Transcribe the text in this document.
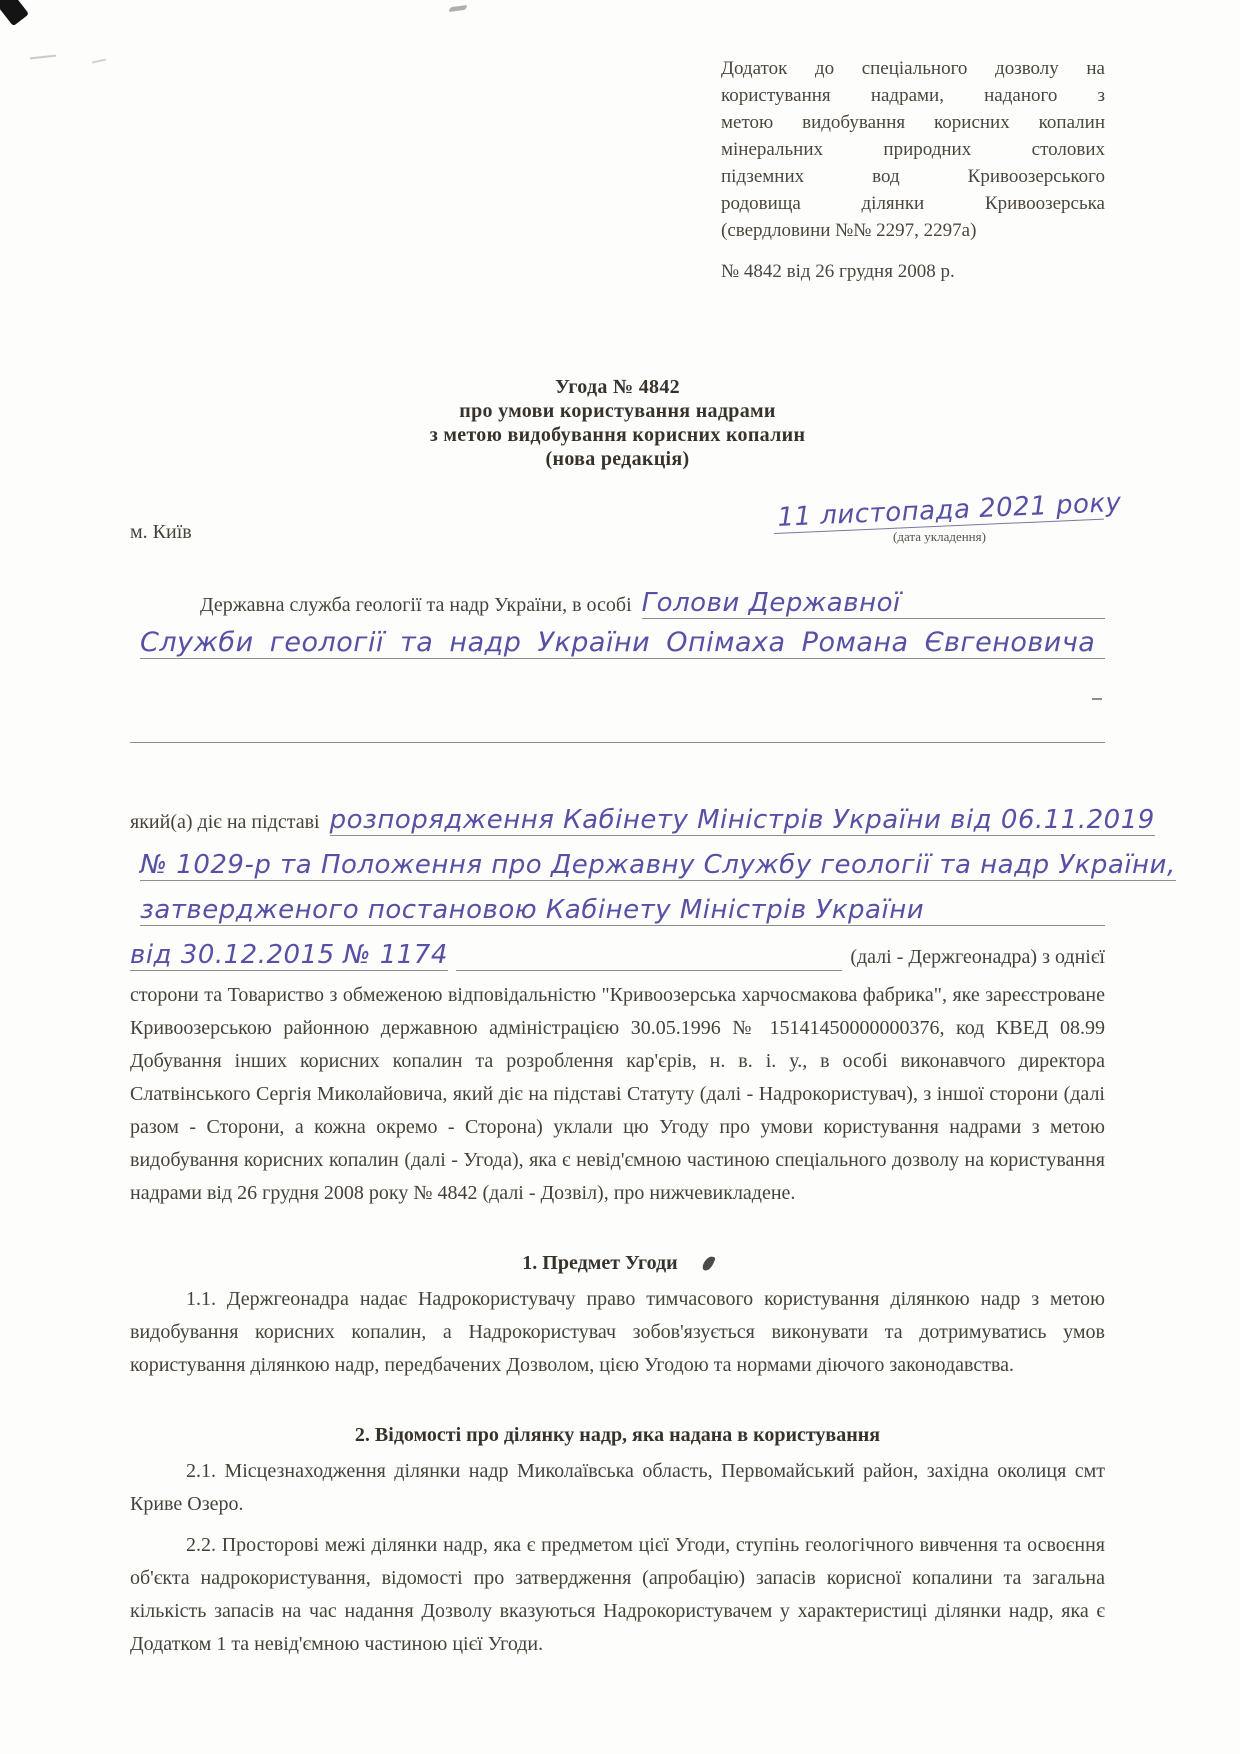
Додаток до спеціального дозволу на
користування надрами, наданого з
метою видобування корисних копалин
мінеральних природних столових
підземних вод Кривоозерського
родовища ділянки Кривоозерська
(свердловини №№ 2297, 2297а)
№ 4842 від 26 грудня 2008 р.
Угода № 4842
про умови користування надрами
з метою видобування корисних копалин
(нова редакція)
м. Київ	11 листопада 2021 року
(дата укладення)
Державна служба геології та надр України, в особі Голови Державної
Служби геології та надр України Опімаха Романа Євгеновича
який(а) діє на підставі розпорядження Кабінету Міністрів України від 06.11.2019
№ 1029-р та Положення про Державну Службу геології та надр України,
затвердженого постановою Кабінету Міністрів України
від 30.12.2015 № 1174	(далі - Держгеонадра) з однієї

сторони та Товариство з обмеженою відповідальністю "Кривоозерська харчосмакова фабрика", яке зареєстроване Кривоозерською районною державною адміністрацією 30.05.1996 № 15141450000000376, код КВЕД 08.99 Добування інших корисних копалин та розроблення кар'єрів, н. в. і. у., в особі виконавчого директора Слатвінського Сергія Миколайовича, який діє на підставі Статуту (далі - Надрокористувач), з іншої сторони (далі разом - Сторони, а кожна окремо - Сторона) уклали цю Угоду про умови користування надрами з метою видобування корисних копалин (далі - Угода), яка є невід'ємною частиною спеціального дозволу на користування надрами від 26 грудня 2008 року № 4842 (далі - Дозвіл), про нижчевикладене.

1. Предмет Угоди

1.1. Держгеонадра надає Надрокористувачу право тимчасового користування ділянкою надр з метою видобування корисних копалин, а Надрокористувач зобов'язується виконувати та дотримуватись умов користування ділянкою надр, передбачених Дозволом, цією Угодою та нормами діючого законодавства.

2. Відомості про ділянку надр, яка надана в користування

2.1. Місцезнаходження ділянки надр Миколаївська область, Первомайський район, західна околиця смт Криве Озеро.

2.2. Просторові межі ділянки надр, яка є предметом цієї Угоди, ступінь геологічного вивчення та освоєння об'єкта надрокористування, відомості про затвердження (апробацію) запасів корисної копалини та загальна кількість запасів на час надання Дозволу вказуються Надрокористувачем у характеристиці ділянки надр, яка є Додатком 1 та невід'ємною частиною цієї Угоди.
